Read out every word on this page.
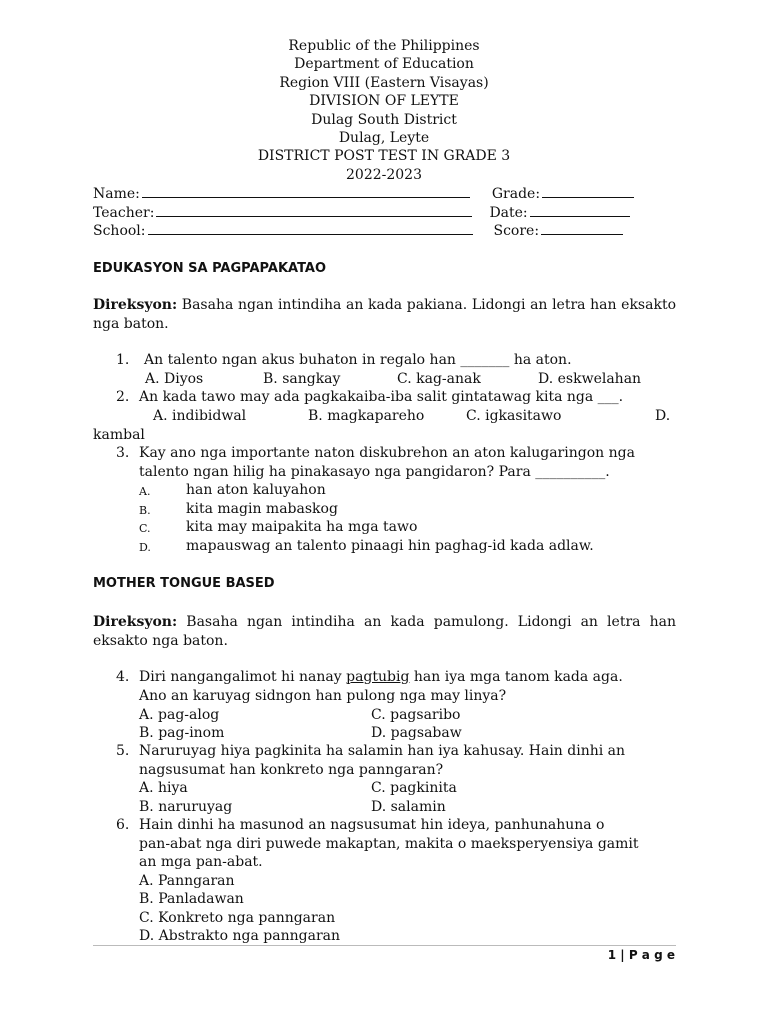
Republic of the Philippines
Department of Education
Region VIII (Eastern Visayas)
DIVISION OF LEYTE
Dulag South District
Dulag, Leyte
DISTRICT POST TEST IN GRADE 3
2022-2023
Name:	Grade:
Teacher:	Date:
School:	Score:
EDUKASYON SA PAGPAPAKATAO
Direksyon: Basaha ngan intindiha an kada pakiana. Lidongi an letra han eksakto nga baton.
1. An talento ngan akus buhaton in regalo han _______ ha aton.
A. Diyos	B. sangkay	C. kag-anak	D. eskwelahan
2. An kada tawo may ada pagkakaiba-iba salit gintatawag kita nga ___.
A. indibidwal	B. magkapareho	C. igkasitawo	D.
kambal
3. Kay ano nga importante naton diskubrehon an aton kalugaringon nga
talento ngan hilig ha pinakasayo nga pangidaron? Para __________.
A.	han aton kaluyahon
B.	kita magin mabaskog
C.	kita may maipakita ha mga tawo
D.	mapauswag an talento pinaagi hin paghag-id kada adlaw.
MOTHER TONGUE BASED
Direksyon: Basaha ngan intindiha an kada pamulong. Lidongi an letra han eksakto nga baton.
4. Diri nangangalimot hi nanay pagtubig han iya mga tanom kada aga.
Ano an karuyag sidngon han pulong nga may linya?
A. pag-alog	C. pagsaribo
B. pag-inom	D. pagsabaw
5. Naruruyag hiya pagkinita ha salamin han iya kahusay. Hain dinhi an
nagsusumat han konkreto nga panngaran?
A. hiya	C. pagkinita
B. naruruyag	D. salamin
6. Hain dinhi ha masunod an nagsusumat hin ideya, panhunahuna o
pan-abat nga diri puwede makaptan, makita o maeksperyensiya gamit
an mga pan-abat.
A. Panngaran
B. Panladawan
C. Konkreto nga panngaran
D. Abstrakto nga panngaran
1 | P a g e
